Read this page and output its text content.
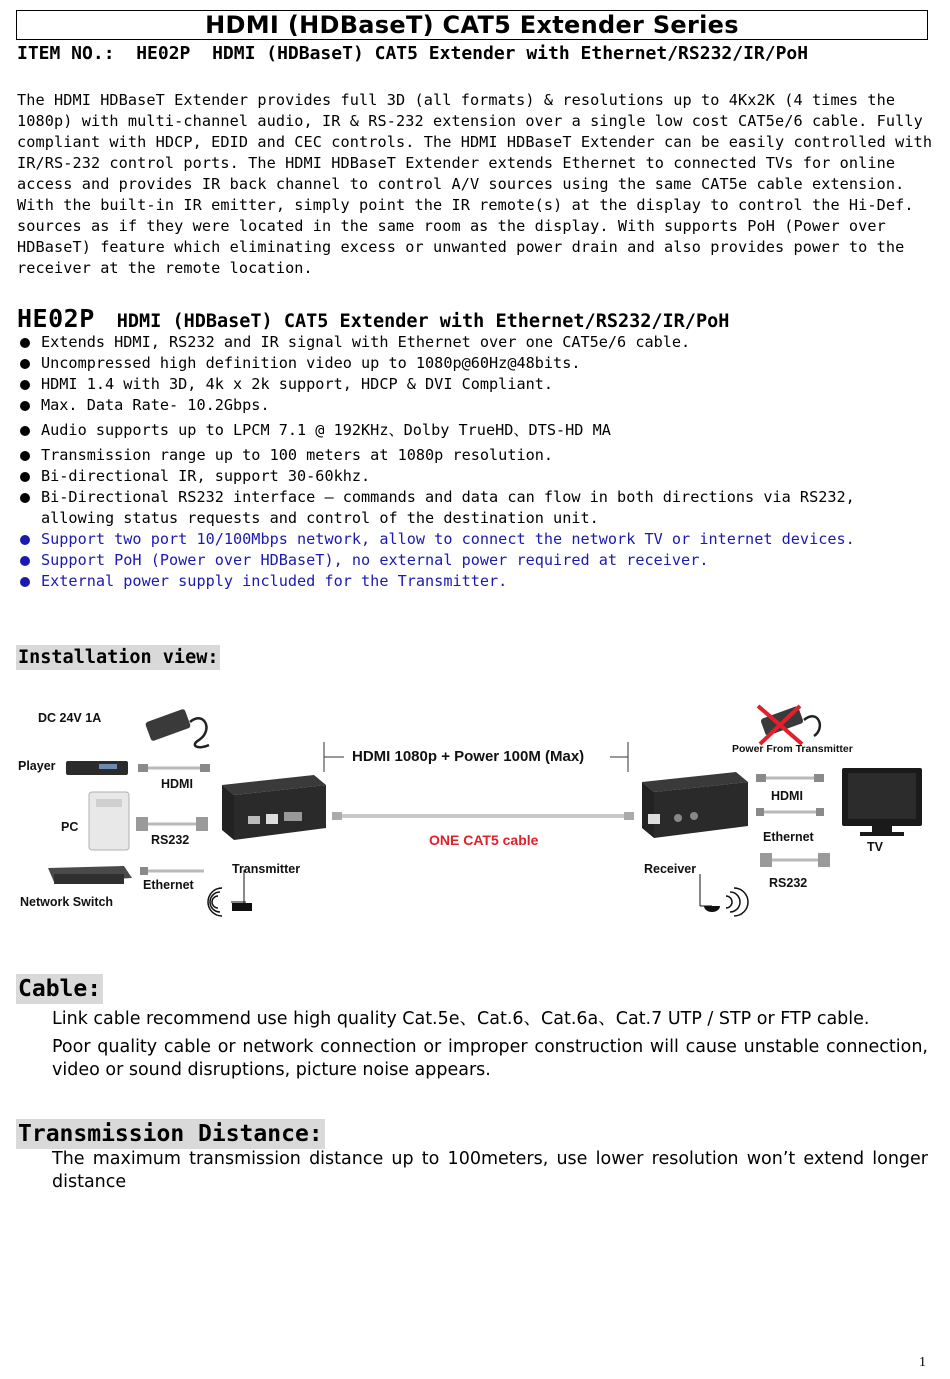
HDMI (HDBaseT) CAT5 Extender Series
ITEM NO.:  HE02P  HDMI (HDBaseT) CAT5 Extender with Ethernet/RS232/IR/PoH
The HDMI HDBaseT Extender provides full 3D (all formats) & resolutions up to 4Kx2K (4 times the 1080p) with multi-channel audio, IR & RS-232 extension over a single low cost CAT5e/6 cable. Fully compliant with HDCP, EDID and CEC controls. The HDMI HDBaseT Extender can be easily controlled with IR/RS-232 control ports. The HDMI HDBaseT Extender extends Ethernet to connected TVs for online access and provides IR back channel to control A/V sources using the same CAT5e cable extension. With the built-in IR emitter, simply point the IR remote(s) at the display to control the Hi-Def. sources as if they were located in the same room as the display. With supports PoH (Power over HDBaseT) feature which eliminating excess or unwanted power drain and also provides power to the receiver at the remote location.
HE02P HDMI (HDBaseT) CAT5 Extender with Ethernet/RS232/IR/PoH
Extends HDMI, RS232 and IR signal with Ethernet over one CAT5e/6 cable.
Uncompressed high definition video up to 1080p@60Hz@48bits.
HDMI 1.4 with 3D, 4k x 2k support, HDCP & DVI Compliant.
Max. Data Rate- 10.2Gbps.
Audio supports up to LPCM 7.1 @ 192KHz、Dolby TrueHD、DTS-HD MA
Transmission range up to 100 meters at 1080p resolution.
Bi-directional IR, support 30-60khz.
Bi-Directional RS232 interface – commands and data can flow in both directions via RS232, allowing status requests and control of the destination unit.
Support two port 10/100Mbps network, allow to connect the network TV or internet devices.
Support PoH (Power over HDBaseT), no external power required at receiver.
External power supply included for the Transmitter.
Installation view:
DC 24V 1A
Player
HDMI
PC
RS232
Network Switch
Ethernet
Transmitter
HDMI 1080p + Power 100M (Max)
ONE CAT5 cable
Receiver
Power From Transmitter
HDMI
Ethernet
RS232
TV
Cable:
Link cable recommend use high quality Cat.5e、Cat.6、Cat.6a、Cat.7 UTP / STP or FTP cable.
Poor quality cable or network connection or improper construction will cause unstable connection, video or sound disruptions, picture noise appears.
Transmission Distance:
The maximum transmission distance up to 100meters, use lower resolution won’t extend longer distance
1
